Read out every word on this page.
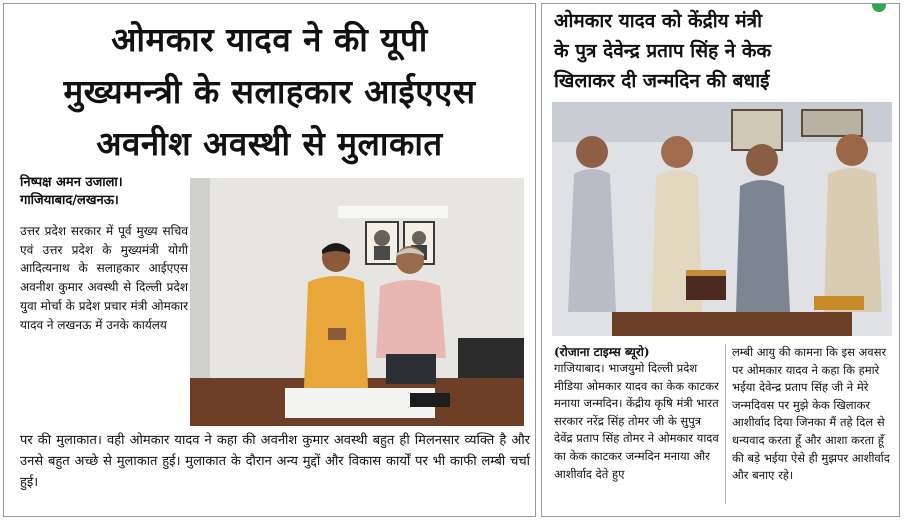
ओमकार यादव ने की यूपी
मुख्यमन्त्री के सलाहकार आईएएस
अवनीश अवस्थी से मुलाकात
निष्पक्ष अमन उजाला।
गाजियाबाद/लखनऊ।
उत्तर प्रदेश सरकार में पूर्व मुख्य सचिव एवं उत्तर प्रदेश के मुख्यमंत्री योगी आदित्यनाथ के सलाहकार आईएएस अवनीश कुमार अवस्थी से दिल्ली प्रदेश युवा मोर्चा के प्रदेश प्रचार मंत्री ओमकार यादव ने लखनऊ में उनके कार्यलय
पर की मुलाकात। वही ओमकार यादव ने कहा की अवनीश कुमार अवस्थी बहुत ही मिलनसार व्यक्ति है और उनसे बहुत अच्छे से मुलाकात हुई। मुलाकात के दौरान अन्य मुद्दों और विकास कार्यों पर भी काफी लम्बी चर्चा हुई।
ओमकार यादव को केंद्रीय मंत्री
के पुत्र देवेन्द्र प्रताप सिंह ने केक
खिलाकर दी जन्मदिन की बधाई
(रोजाना टाइम्स ब्यूरो)
गाजियाबाद। भाजयुमो दिल्ली प्रदेश मीडिया ओमकार यादव का केक काटकर मनाया जन्मदिन। केंद्रीय कृषि मंत्री भारत सरकार नरेंद्र सिंह तोमर जी के सुपुत्र देवेंद्र प्रताप सिंह तोमर ने ओमकार यादव का केक काटकर जन्मदिन मनाया और आशीर्वाद देते हुए
लम्बी आयु की कामना कि इस अवसर पर ओमकार यादव ने कहा कि हमारे भईया देवेन्द्र प्रताप सिंह जी ने मेरे जन्मदिवस पर मुझे केक खिलाकर आशीर्वाद दिया जिनका मैं तहे दिल से धन्यवाद करता हूँ और आशा करता हूँ की बड़े भईया ऐसे ही मुझपर आशीर्वाद और बनाए रहे।
